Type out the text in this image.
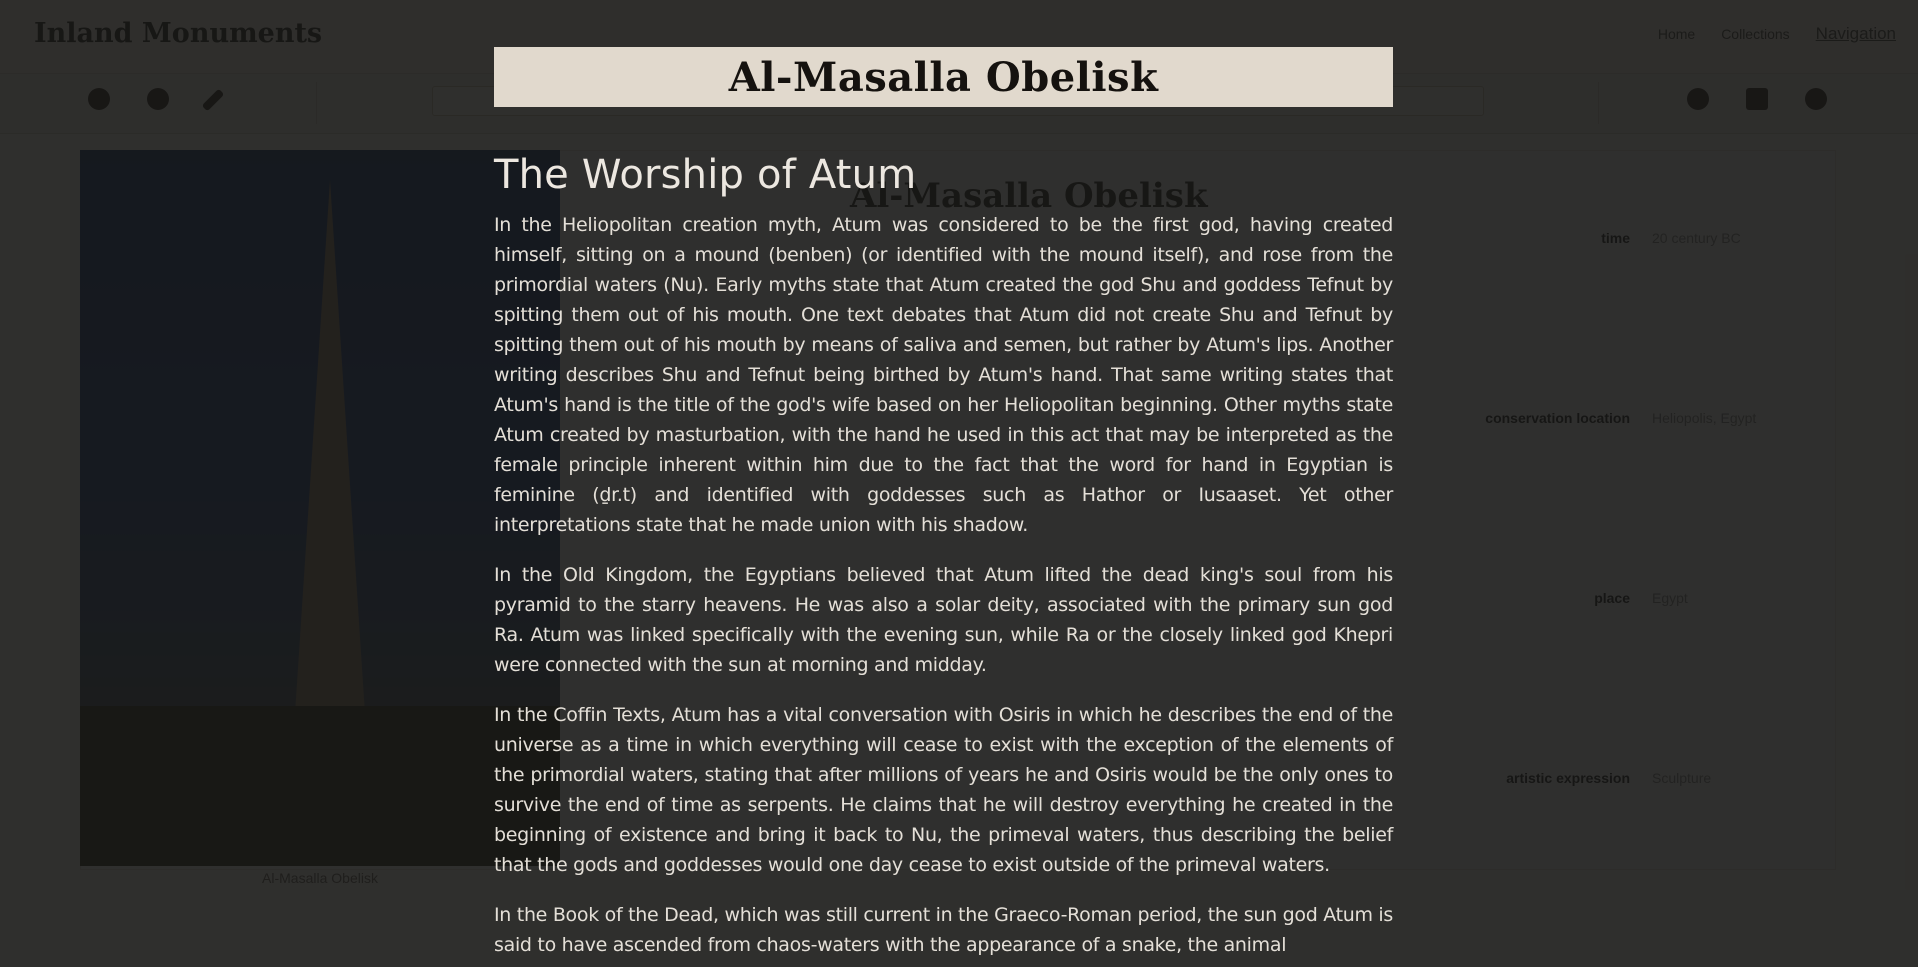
Al-Masalla Obelisk
The Worship of Atum

In the Heliopolitan creation myth, Atum was considered to be the first god, having created himself, sitting on a mound (benben) (or identified with the mound itself), and rose from the primordial waters (Nu). Early myths state that Atum created the god Shu and goddess Tefnut by spitting them out of his mouth. One text debates that Atum did not create Shu and Tefnut by spitting them out of his mouth by means of saliva and semen, but rather by Atum's lips. Another writing describes Shu and Tefnut being birthed by Atum's hand. That same writing states that Atum's hand is the title of the god's wife based on her Heliopolitan beginning. Other myths state Atum created by masturbation, with the hand he used in this act that may be interpreted as the female principle inherent within him due to the fact that the word for hand in Egyptian is feminine (ḏr.t) and identified with goddesses such as Hathor or Iusaaset. Yet other interpretations state that he made union with his shadow.

In the Old Kingdom, the Egyptians believed that Atum lifted the dead king's soul from his pyramid to the starry heavens. He was also a solar deity, associated with the primary sun god Ra. Atum was linked specifically with the evening sun, while Ra or the closely linked god Khepri were connected with the sun at morning and midday.

In the Coffin Texts, Atum has a vital conversation with Osiris in which he describes the end of the universe as a time in which everything will cease to exist with the exception of the elements of the primordial waters, stating that after millions of years he and Osiris would be the only ones to survive the end of time as serpents. He claims that he will destroy everything he created in the beginning of existence and bring it back to Nu, the primeval waters, thus describing the belief that the gods and goddesses would one day cease to exist outside of the primeval waters.

In the Book of the Dead, which was still current in the Graeco-Roman period, the sun god Atum is said to have ascended from chaos-waters with the appearance of a snake, the animal
